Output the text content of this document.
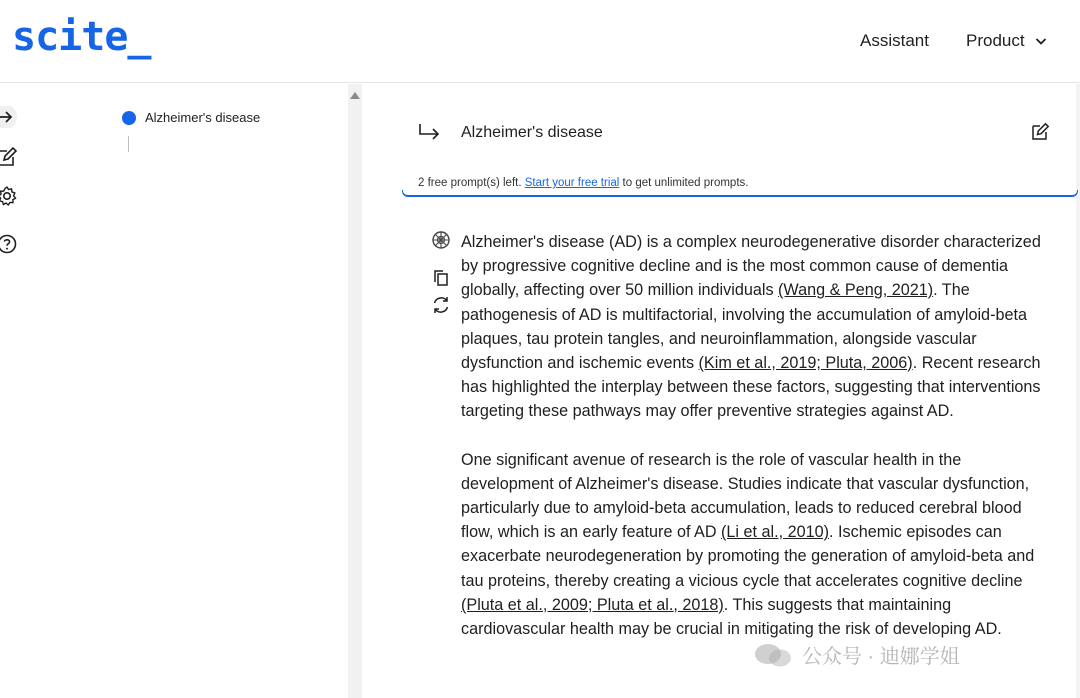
scite_	Assistant Product
Alzheimer's disease
Alzheimer's disease
2 free prompt(s) left. Start your free trial to get unlimited prompts.

Alzheimer's disease (AD) is a complex neurodegenerative disorder characterized by progressive cognitive decline and is the most common cause of dementia globally, affecting over 50 million individuals (Wang & Peng, 2021). The pathogenesis of AD is multifactorial, involving the accumulation of amyloid-beta plaques, tau protein tangles, and neuroinflammation, alongside vascular dysfunction and ischemic events (Kim et al., 2019; Pluta, 2006). Recent research has highlighted the interplay between these factors, suggesting that interventions targeting these pathways may offer preventive strategies against AD.

One significant avenue of research is the role of vascular health in the development of Alzheimer's disease. Studies indicate that vascular dysfunction, particularly due to amyloid-beta accumulation, leads to reduced cerebral blood flow, which is an early feature of AD (Li et al., 2010). Ischemic episodes can exacerbate neurodegeneration by promoting the generation of amyloid-beta and tau proteins, thereby creating a vicious cycle that accelerates cognitive decline (Pluta et al., 2009; Pluta et al., 2018). This suggests that maintaining cardiovascular health may be crucial in mitigating the risk of developing AD.

公众号 · 迪娜学姐
